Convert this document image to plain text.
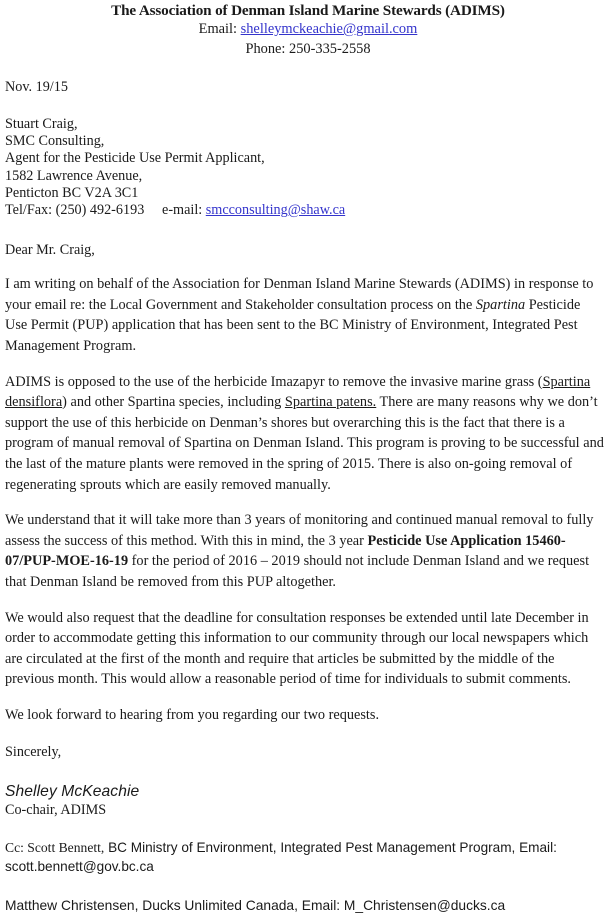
The Association of Denman Island Marine Stewards (ADIMS)
Email: shelleymckeachie@gmail.com
Phone: 250-335-2558
Nov. 19/15
Stuart Craig,
SMC Consulting,
Agent for the Pesticide Use Permit Applicant,
1582 Lawrence Avenue,
Penticton BC V2A 3C1
Tel/Fax: (250) 492-6193 e-mail: smcconsulting@shaw.ca
Dear Mr. Craig,

I am writing on behalf of the Association for Denman Island Marine Stewards (ADIMS) in response to your email re: the Local Government and Stakeholder consultation process on the Spartina Pesticide Use Permit (PUP) application that has been sent to the BC Ministry of Environment, Integrated Pest Management Program.

ADIMS is opposed to the use of the herbicide Imazapyr to remove the invasive marine grass (Spartina densiflora) and other Spartina species, including Spartina patens. There are many reasons why we don’t support the use of this herbicide on Denman’s shores but overarching this is the fact that there is a program of manual removal of Spartina on Denman Island. This program is proving to be successful and the last of the mature plants were removed in the spring of 2015. There is also on-going removal of regenerating sprouts which are easily removed manually.

We understand that it will take more than 3 years of monitoring and continued manual removal to fully assess the success of this method. With this in mind, the 3 year Pesticide Use Application 15460-07/PUP-MOE-16-19 for the period of 2016 – 2019 should not include Denman Island and we request that Denman Island be removed from this PUP altogether.

We would also request that the deadline for consultation responses be extended until late December in order to accommodate getting this information to our community through our local newspapers which are circulated at the first of the month and require that articles be submitted by the middle of the previous month. This would allow a reasonable period of time for individuals to submit comments.

We look forward to hearing from you regarding our two requests.

Sincerely,
Shelley McKeachie
Co-chair, ADIMS
Cc: Scott Bennett, BC Ministry of Environment, Integrated Pest Management Program, Email: scott.bennett@gov.bc.ca
Matthew Christensen, Ducks Unlimited Canada, Email: M_Christensen@ducks.ca
